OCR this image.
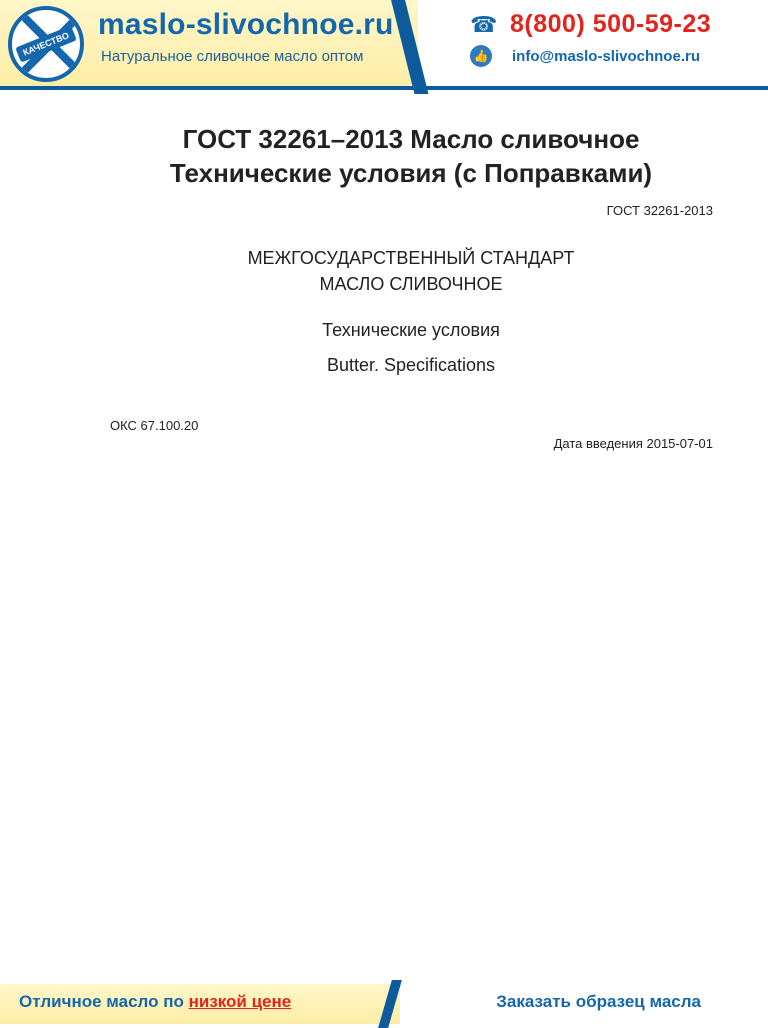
КАЧЕСТВО
maslo-slivochnoe.ru
Натуральное сливочное масло оптом
☎ 8(800) 500-59-23
👍 info@maslo-slivochnoe.ru
ГОСТ 32261–2013 Масло сливочное
Технические условия (с Поправками)
ГОСТ 32261-2013
МЕЖГОСУДАРСТВЕННЫЙ СТАНДАРТ
МАСЛО СЛИВОЧНОЕ
Технические условия
Butter. Specifications
ОКС 67.100.20
Дата введения 2015-07-01
Отличное масло по низкой цене	Заказать образец масла
